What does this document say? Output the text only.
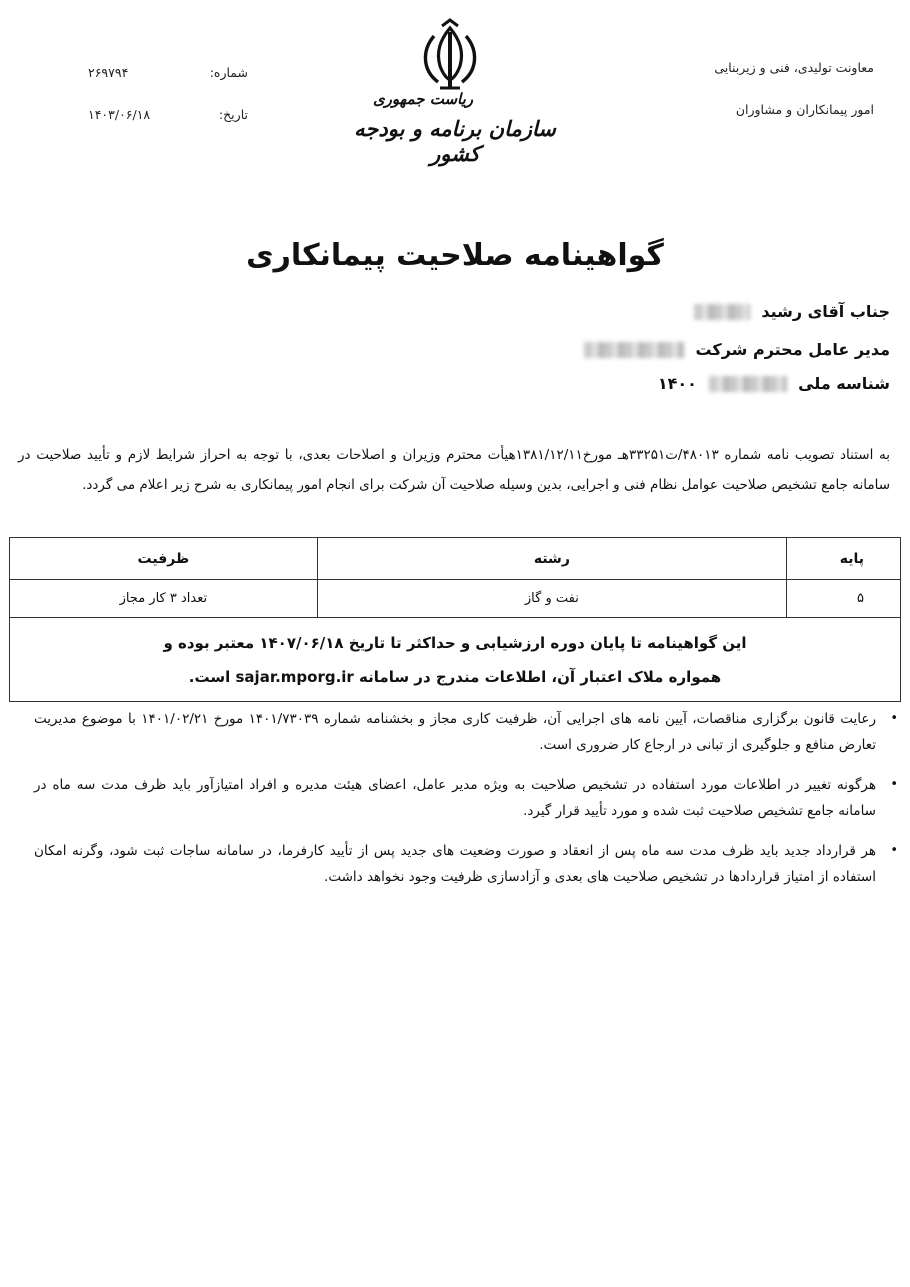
معاونت تولیدی، فنی و زیربنایی
امور پیمانکاران و مشاوران
ریاست جمهوری
سازمان برنامه و بودجه کشور
شماره:
۲۶۹۷۹۴
تاریخ:
۱۴۰۳/۰۶/۱۸
گواهینامه صلاحیت پیمانکاری
جناب آقای رشید
مدیر عامل محترم شرکت
شناسه ملی  ۱۴۰۰
به استناد تصویب نامه شماره ۴۸۰۱۳/ت۳۳۲۵۱هـ مورخ۱۳۸۱/۱۲/۱۱هیأت محترم وزیران و اصلاحات بعدی، با توجه به احراز شرایط لازم و تأیید صلاحیت در سامانه جامع تشخیص صلاحیت عوامل نظام فنی و اجرایی، بدین وسیله صلاحیت آن شرکت برای انجام امور پیمانکاری به شرح زیر اعلام می گردد.
پایه	رشته	ظرفیت
۵	نفت و گاز	تعداد ۳ کار مجاز

این گواهینامه تا پایان دوره ارزشیابی و حداکثر تا تاریخ ۱۴۰۷/۰۶/۱۸ معتبر بوده و
همواره ملاک اعتبار آن، اطلاعات مندرج در سامانه sajar.mporg.ir است.		
•
رعایت قانون برگزاری مناقصات، آیین نامه های اجرایی آن، ظرفیت کاری مجاز و بخشنامه شماره ۱۴۰۱/۷۳۰۳۹ مورخ ۱۴۰۱/۰۲/۲۱ با موضوع مدیریت تعارض منافع و جلوگیری از تبانی در ارجاع کار ضروری است.
•
هرگونه تغییر در اطلاعات مورد استفاده در تشخیص صلاحیت به ویژه مدیر عامل، اعضای هیئت مدیره و افراد امتیازآور باید ظرف مدت سه ماه در سامانه جامع تشخیص صلاحیت ثبت شده و مورد تأیید قرار گیرد.
•
هر قرارداد جدید باید ظرف مدت سه ماه پس از انعقاد و صورت وضعیت های جدید پس از تأیید کارفرما، در سامانه ساجات ثبت شود، وگرنه امکان استفاده از امتیاز قراردادها در تشخیص صلاحیت های بعدی و آزادسازی ظرفیت وجود نخواهد داشت.
